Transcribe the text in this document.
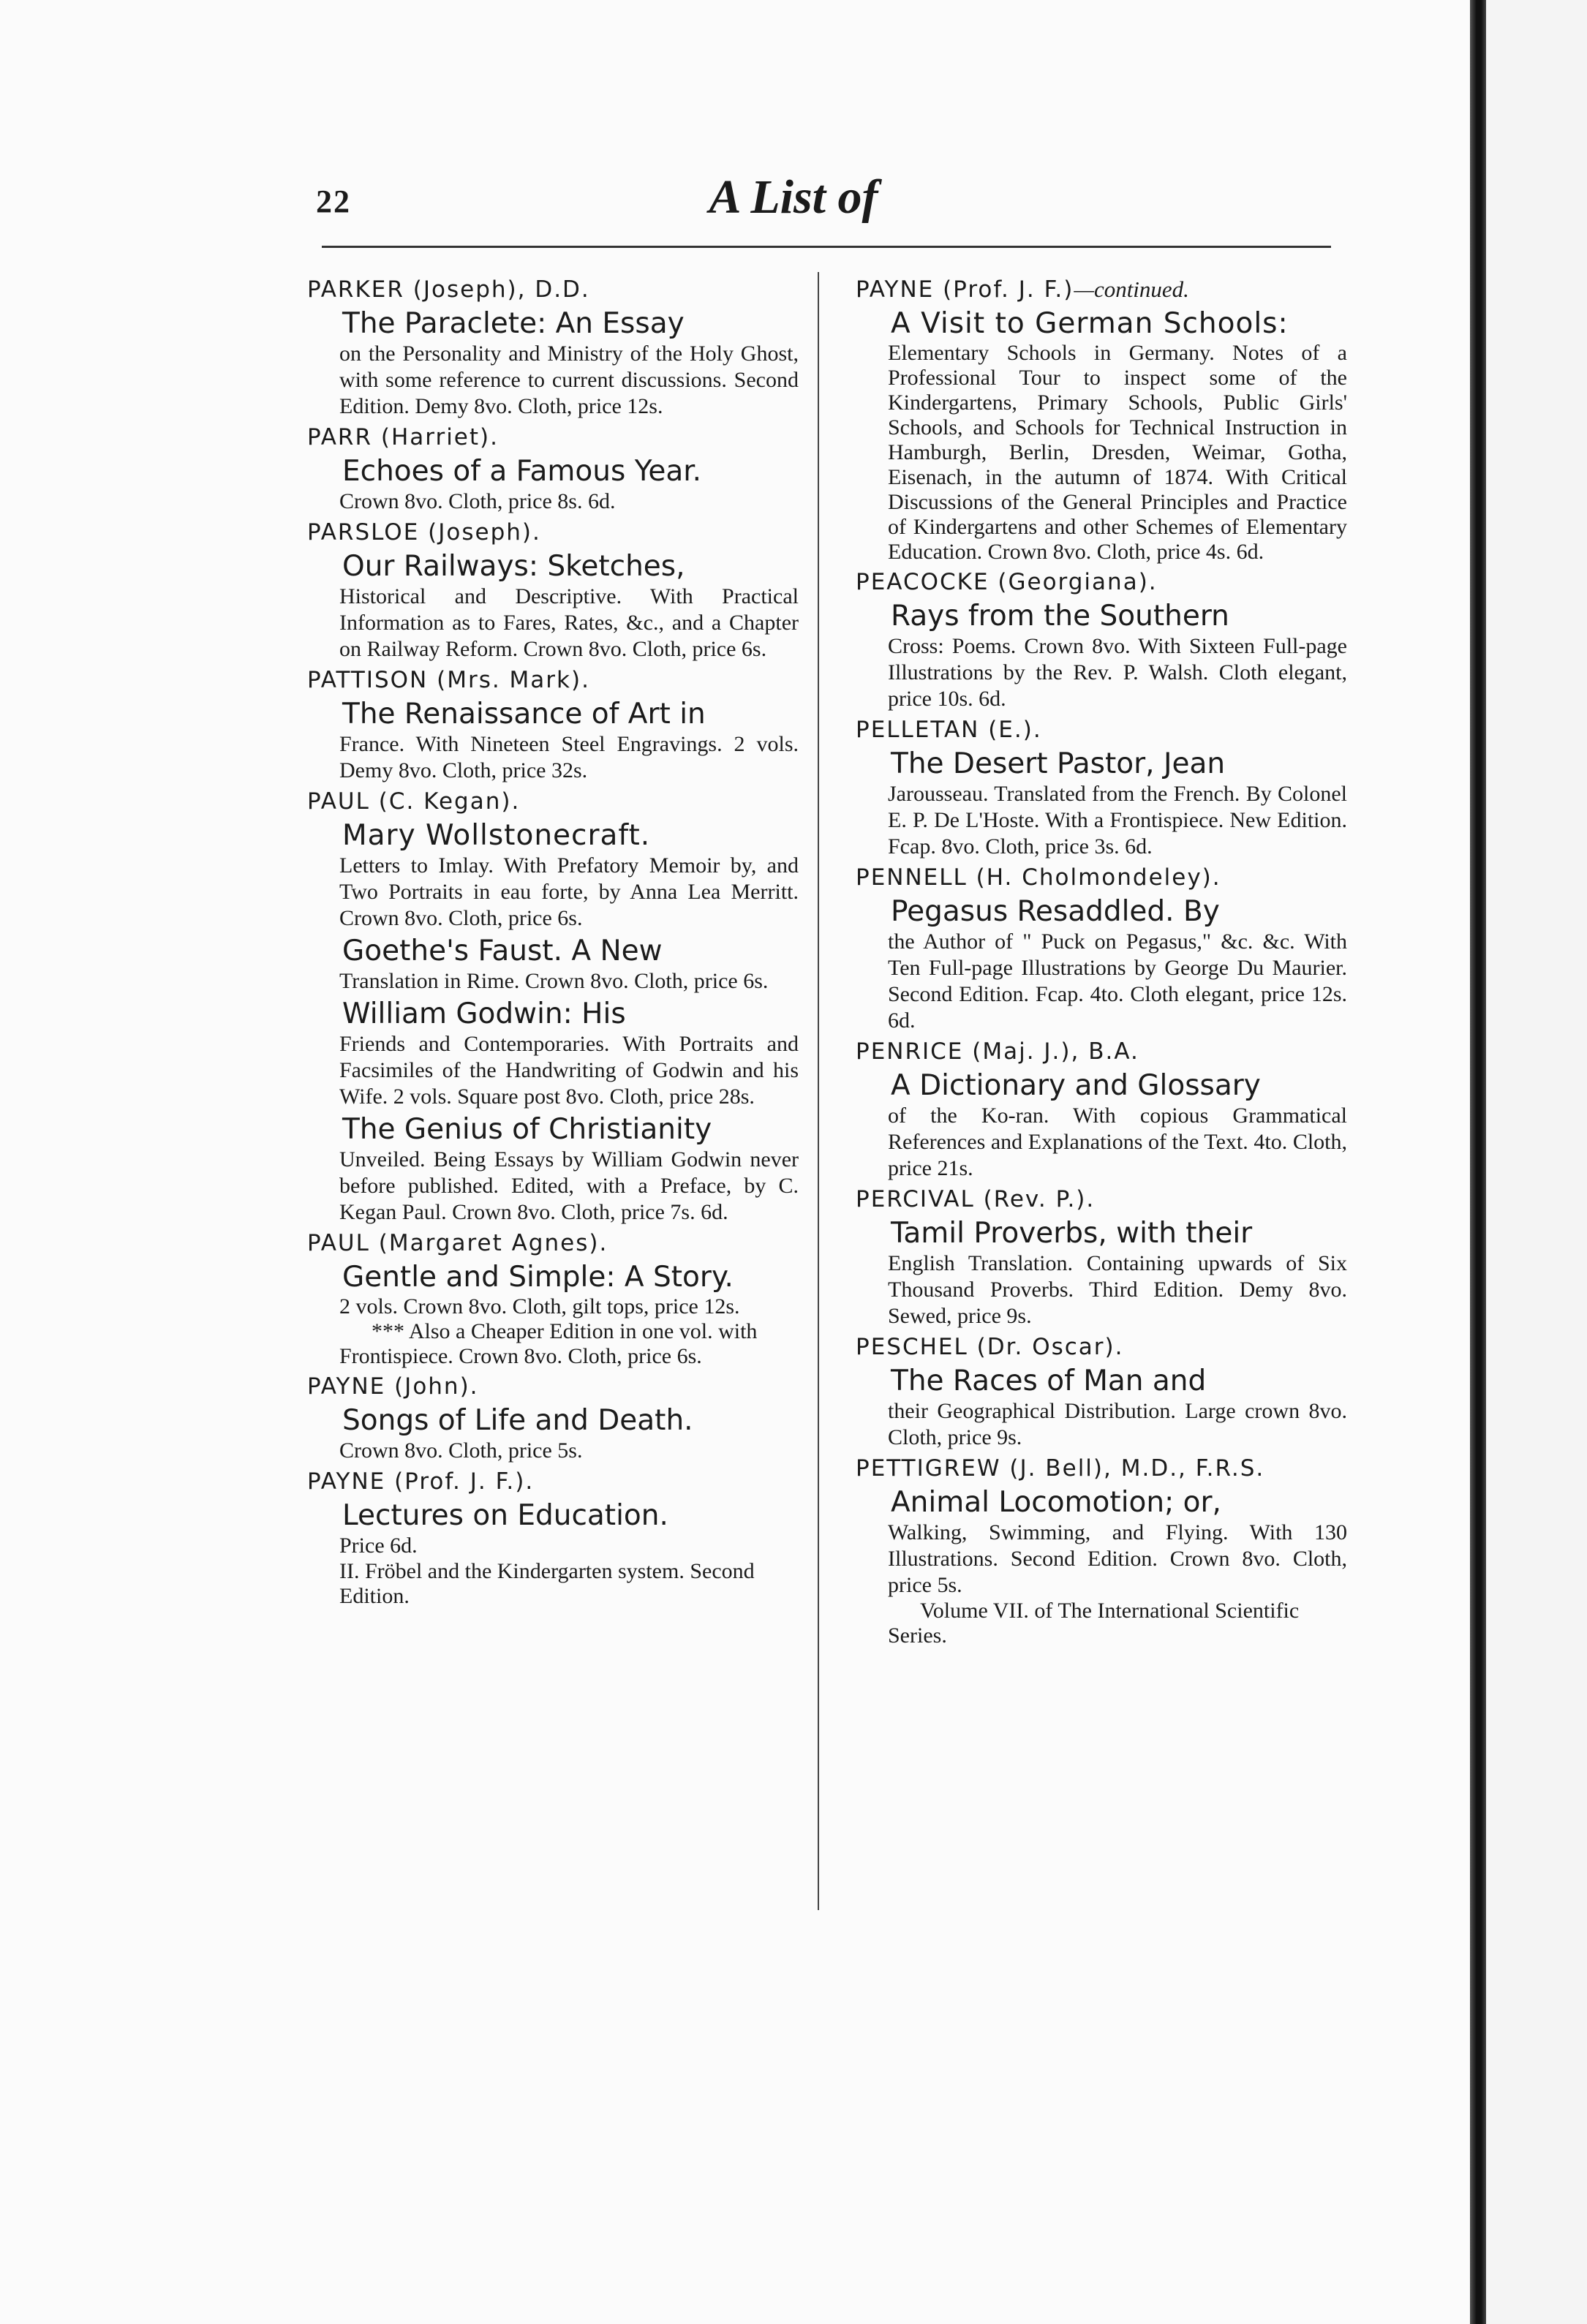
22	A List of
PARKER (Joseph), D.D.
The Paraclete: An Essay
on the Personality and Ministry of the Holy Ghost, with some reference to current discussions. Second Edition. Demy 8vo. Cloth, price 12s.
PARR (Harriet).
Echoes of a Famous Year.
Crown 8vo. Cloth, price 8s. 6d.
PARSLOE (Joseph).
Our Railways: Sketches,
Historical and Descriptive. With Practical Information as to Fares, Rates, &c., and a Chapter on Railway Reform. Crown 8vo. Cloth, price 6s.
PATTISON (Mrs. Mark).
The Renaissance of Art in
France. With Nineteen Steel Engravings. 2 vols. Demy 8vo. Cloth, price 32s.
PAUL (C. Kegan).
Mary Wollstonecraft.
Letters to Imlay. With Prefatory Memoir by, and Two Portraits in eau forte, by Anna Lea Merritt. Crown 8vo. Cloth, price 6s.
Goethe's Faust. A New
Translation in Rime. Crown 8vo. Cloth, price 6s.
William Godwin: His
Friends and Contemporaries. With Portraits and Facsimiles of the Handwriting of Godwin and his Wife. 2 vols. Square post 8vo. Cloth, price 28s.
The Genius of Christianity
Unveiled. Being Essays by William Godwin never before published. Edited, with a Preface, by C. Kegan Paul. Crown 8vo. Cloth, price 7s. 6d.
PAUL (Margaret Agnes).
Gentle and Simple: A Story.
2 vols. Crown 8vo. Cloth, gilt tops, price 12s.
*** Also a Cheaper Edition in one vol. with Frontispiece. Crown 8vo. Cloth, price 6s.
PAYNE (John).
Songs of Life and Death.
Crown 8vo. Cloth, price 5s.
PAYNE (Prof. J. F.).
Lectures on Education.
Price 6d.
II. Fröbel and the Kindergarten system. Second Edition.
PAYNE (Prof. J. F.)—continued.
A Visit to German Schools:
Elementary Schools in Germany. Notes of a Professional Tour to inspect some of the Kindergartens, Primary Schools, Public Girls' Schools, and Schools for Technical Instruction in Hamburgh, Berlin, Dresden, Weimar, Gotha, Eisenach, in the autumn of 1874. With Critical Discussions of the General Principles and Practice of Kindergartens and other Schemes of Elementary Education. Crown 8vo. Cloth, price 4s. 6d.
PEACOCKE (Georgiana).
Rays from the Southern
Cross: Poems. Crown 8vo. With Sixteen Full-page Illustrations by the Rev. P. Walsh. Cloth elegant, price 10s. 6d.
PELLETAN (E.).
The Desert Pastor, Jean
Jarousseau. Translated from the French. By Colonel E. P. De L'Hoste. With a Frontispiece. New Edition. Fcap. 8vo. Cloth, price 3s. 6d.
PENNELL (H. Cholmondeley).
Pegasus Resaddled. By
the Author of " Puck on Pegasus," &c. &c. With Ten Full-page Illustrations by George Du Maurier. Second Edition. Fcap. 4to. Cloth elegant, price 12s. 6d.
PENRICE (Maj. J.), B.A.
A Dictionary and Glossary
of the Ko-ran. With copious Grammatical References and Explanations of the Text. 4to. Cloth, price 21s.
PERCIVAL (Rev. P.).
Tamil Proverbs, with their
English Translation. Containing upwards of Six Thousand Proverbs. Third Edition. Demy 8vo. Sewed, price 9s.
PESCHEL (Dr. Oscar).
The Races of Man and
their Geographical Distribution. Large crown 8vo. Cloth, price 9s.
PETTIGREW (J. Bell), M.D., F.R.S.
Animal Locomotion; or,
Walking, Swimming, and Flying. With 130 Illustrations. Second Edition. Crown 8vo. Cloth, price 5s.
Volume VII. of The International Scientific Series.
